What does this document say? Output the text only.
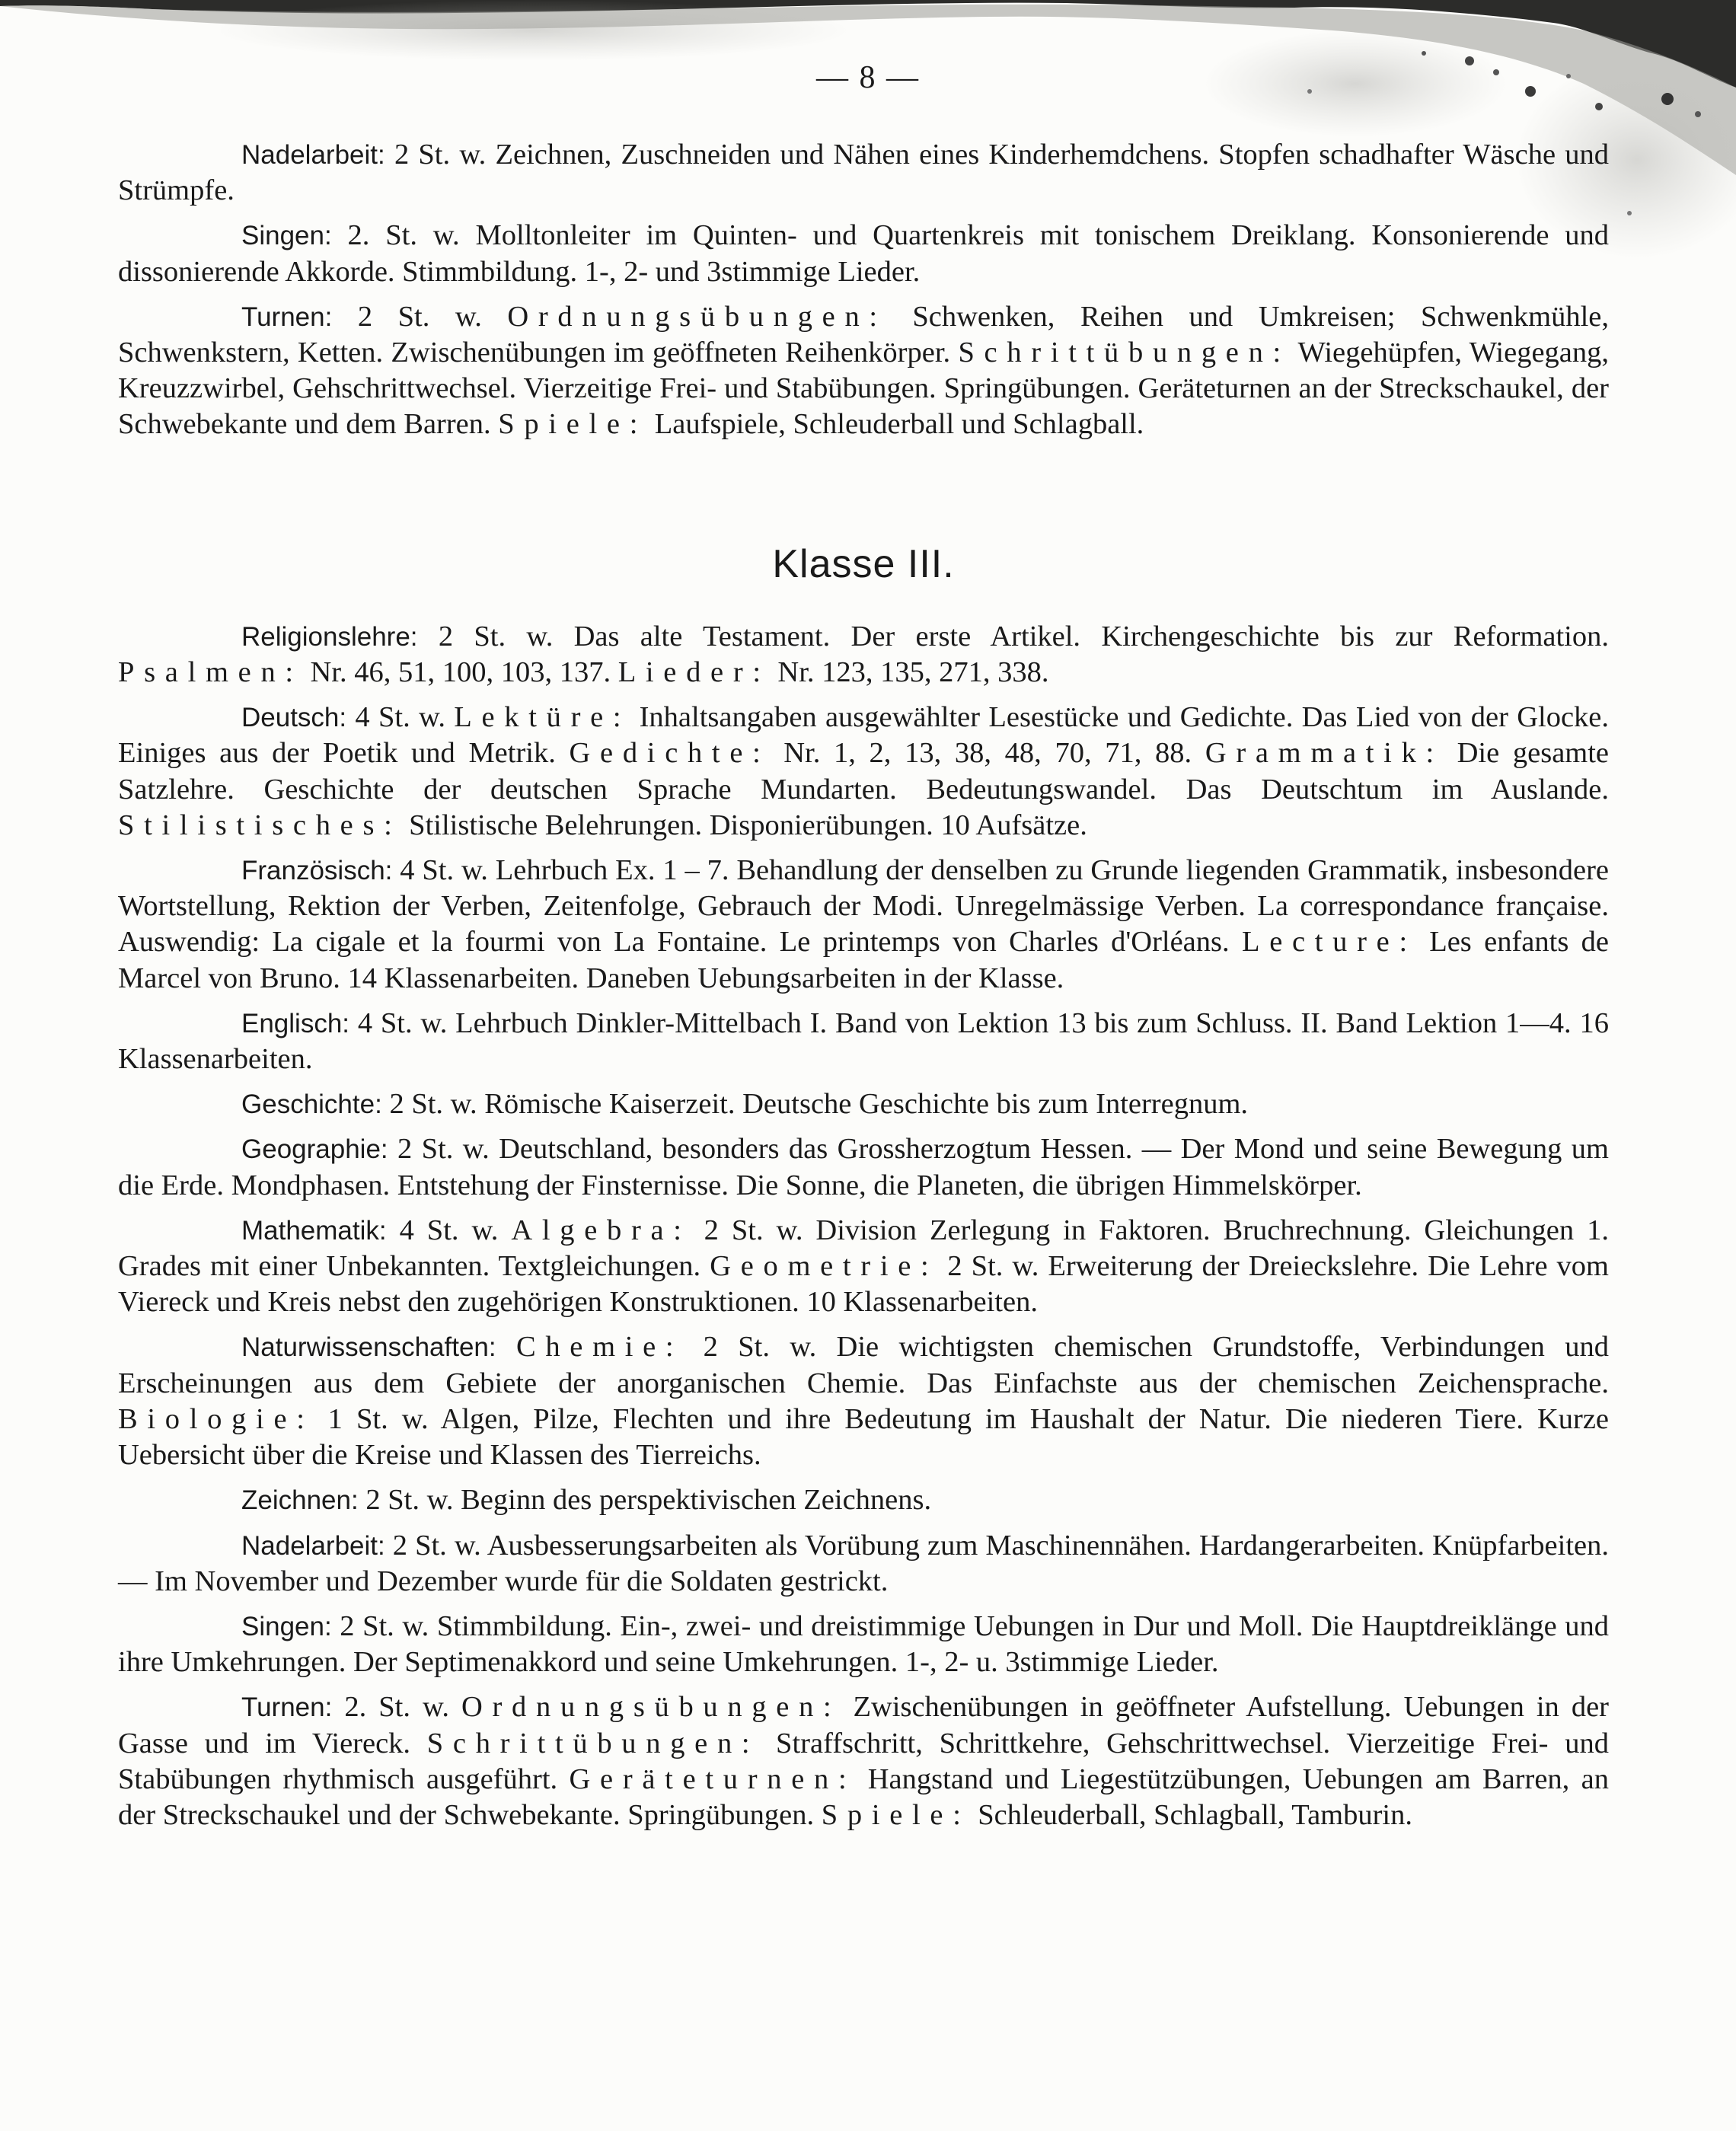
— 8 —

Nadelarbeit: 2 St. w. Zeichnen, Zuschneiden und Nähen eines Kinderhemdchens. Stopfen schadhafter Wäsche und Strümpfe.

Singen: 2. St. w. Molltonleiter im Quinten- und Quartenkreis mit tonischem Dreiklang. Konsonierende und dissonierende Akkorde. Stimmbildung. 1-, 2- und 3stimmige Lieder.

Turnen: 2 St. w. Ordnungsübungen: Schwenken, Reihen und Umkreisen; Schwenkmühle, Schwenkstern, Ketten. Zwischenübungen im geöffneten Reihenkörper. Schrittübungen: Wiegehüpfen, Wiegegang, Kreuzzwirbel, Gehschrittwechsel. Vierzeitige Frei- und Stabübungen. Springübungen. Geräteturnen an der Streckschaukel, der Schwebekante und dem Barren. Spiele: Laufspiele, Schleuderball und Schlagball.

Klasse III.

Religionslehre: 2 St. w. Das alte Testament. Der erste Artikel. Kirchengeschichte bis zur Reformation. Psalmen: Nr. 46, 51, 100, 103, 137. Lieder: Nr. 123, 135, 271, 338.

Deutsch: 4 St. w. Lektüre: Inhaltsangaben ausgewählter Lesestücke und Gedichte. Das Lied von der Glocke. Einiges aus der Poetik und Metrik. Gedichte: Nr. 1, 2, 13, 38, 48, 70, 71, 88. Grammatik: Die gesamte Satzlehre. Geschichte der deutschen Sprache Mundarten. Bedeutungswandel. Das Deutschtum im Auslande. Stilistisches: Stilistische Belehrungen. Disponierübungen. 10 Aufsätze.

Französisch: 4 St. w. Lehrbuch Ex. 1 – 7. Behandlung der denselben zu Grunde liegenden Grammatik, insbesondere Wortstellung, Rektion der Verben, Zeitenfolge, Gebrauch der Modi. Unregelmässige Verben. La correspondance française. Auswendig: La cigale et la fourmi von La Fontaine. Le printemps von Charles d'Orléans. Lecture: Les enfants de Marcel von Bruno. 14 Klassenarbeiten. Daneben Uebungsarbeiten in der Klasse.

Englisch: 4 St. w. Lehrbuch Dinkler-Mittelbach I. Band von Lektion 13 bis zum Schluss. II. Band Lektion 1—4. 16 Klassenarbeiten.

Geschichte: 2 St. w. Römische Kaiserzeit. Deutsche Geschichte bis zum Interregnum.

Geographie: 2 St. w. Deutschland, besonders das Grossherzogtum Hessen. — Der Mond und seine Bewegung um die Erde. Mondphasen. Entstehung der Finsternisse. Die Sonne, die Planeten, die übrigen Himmelskörper.

Mathematik: 4 St. w. Algebra: 2 St. w. Division Zerlegung in Faktoren. Bruchrechnung. Gleichungen 1. Grades mit einer Unbekannten. Textgleichungen. Geometrie: 2 St. w. Erweiterung der Dreieckslehre. Die Lehre vom Viereck und Kreis nebst den zugehörigen Konstruktionen. 10 Klassenarbeiten.

Naturwissenschaften: Chemie: 2 St. w. Die wichtigsten chemischen Grundstoffe, Verbindungen und Erscheinungen aus dem Gebiete der anorganischen Chemie. Das Einfachste aus der chemischen Zeichensprache. Biologie: 1 St. w. Algen, Pilze, Flechten und ihre Bedeutung im Haushalt der Natur. Die niederen Tiere. Kurze Uebersicht über die Kreise und Klassen des Tierreichs.

Zeichnen: 2 St. w. Beginn des perspektivischen Zeichnens.

Nadelarbeit: 2 St. w. Ausbesserungsarbeiten als Vorübung zum Maschinennähen. Hardangerarbeiten. Knüpfarbeiten. — Im November und Dezember wurde für die Soldaten gestrickt.

Singen: 2 St. w. Stimmbildung. Ein-, zwei- und dreistimmige Uebungen in Dur und Moll. Die Hauptdreiklänge und ihre Umkehrungen. Der Septimenakkord und seine Umkehrungen. 1-, 2- u. 3stimmige Lieder.

Turnen: 2. St. w. Ordnungsübungen: Zwischenübungen in geöffneter Aufstellung. Uebungen in der Gasse und im Viereck. Schrittübungen: Straffschritt, Schrittkehre, Gehschrittwechsel. Vierzeitige Frei- und Stabübungen rhythmisch ausgeführt. Geräteturnen: Hangstand und Liegestützübungen, Uebungen am Barren, an der Streckschaukel und der Schwebekante. Springübungen. Spiele: Schleuderball, Schlagball, Tamburin.
